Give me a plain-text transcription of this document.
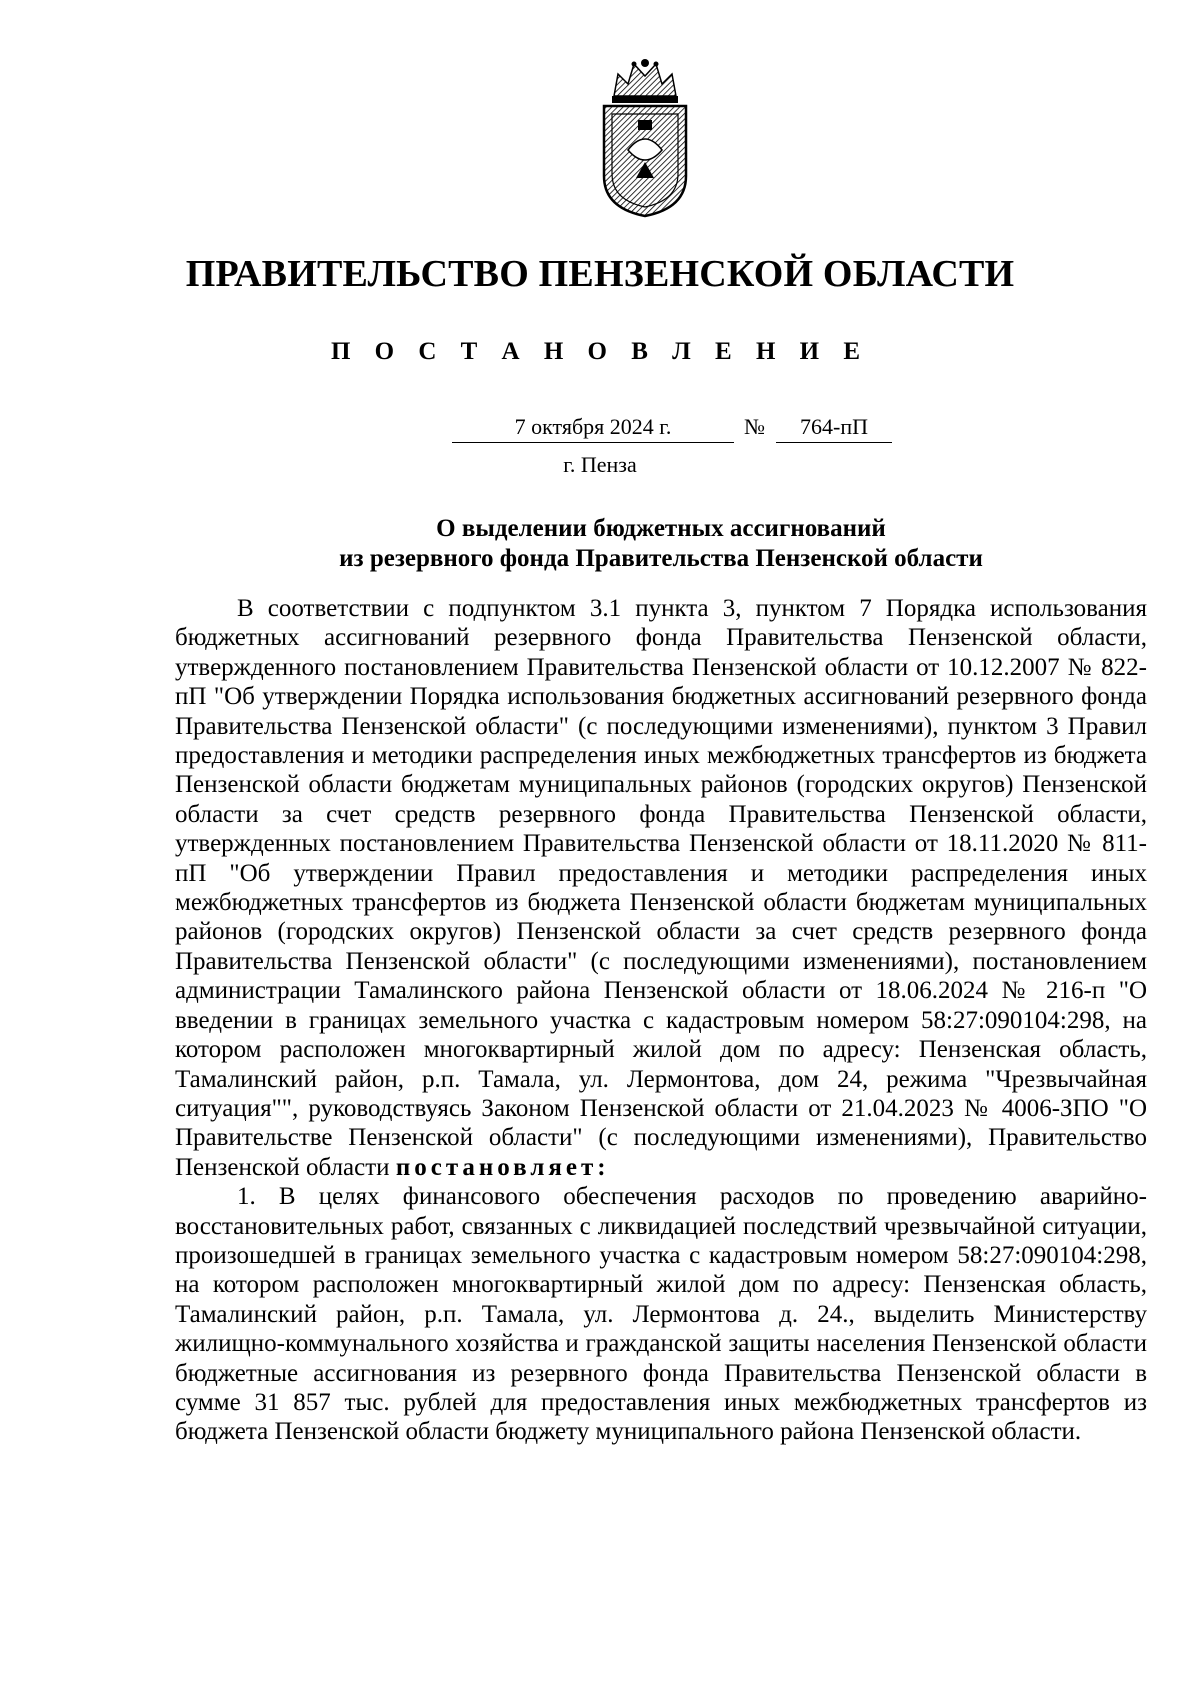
ПРАВИТЕЛЬСТВО ПЕНЗЕНСКОЙ ОБЛАСТИ
П О С Т А Н О В Л Е Н И Е
7 октября 2024 г.	№	764-пП
г. Пенза
О выделении бюджетных ассигнований
из резервного фонда Правительства Пензенской области

В соответствии с подпунктом 3.1 пункта 3, пунктом 7 Порядка использования бюджетных ассигнований резервного фонда Правительства Пензенской области, утвержденного постановлением Правительства Пензенской области от 10.12.2007 № 822-пП "Об утверждении Порядка использования бюджетных ассигнований резервного фонда Правительства Пензенской области" (с последующими изменениями), пунктом 3 Правил предоставления и методики распределения иных межбюджетных трансфертов из бюджета Пензенской области бюджетам муниципальных районов (городских округов) Пензенской области за счет средств резервного фонда Правительства Пензенской области, утвержденных постановлением Правительства Пензенской области от 18.11.2020 № 811-пП "Об утверждении Правил предоставления и методики распределения иных межбюджетных трансфертов из бюджета Пензенской области бюджетам муниципальных районов (городских округов) Пензенской области за счет средств резервного фонда Правительства Пензенской области" (с последующими изменениями), постановлением администрации Тамалинского района Пензенской области от 18.06.2024 № 216-п "О введении в границах земельного участка с кадастровым номером 58:27:090104:298, на котором расположен многоквартирный жилой дом по адресу: Пензенская область, Тамалинский район, р.п. Тамала, ул. Лермонтова, дом 24, режима "Чрезвычайная ситуация"", руководствуясь Законом Пензенской области от 21.04.2023 № 4006-ЗПО "О Правительстве Пензенской области" (с последующими изменениями), Правительство Пензенской области постановляет:

1. В целях финансового обеспечения расходов по проведению аварийно-восстановительных работ, связанных с ликвидацией последствий чрезвычайной ситуации, произошедшей в границах земельного участка с кадастровым номером 58:27:090104:298, на котором расположен многоквартирный жилой дом по адресу: Пензенская область, Тамалинский район, р.п. Тамала, ул. Лермонтова д. 24., выделить Министерству жилищно-коммунального хозяйства и гражданской защиты населения Пензенской области бюджетные ассигнования из резервного фонда Правительства Пензенской области в сумме 31 857 тыс. рублей для предоставления иных межбюджетных трансфертов из бюджета Пензенской области бюджету муниципального района Пензенской области.
